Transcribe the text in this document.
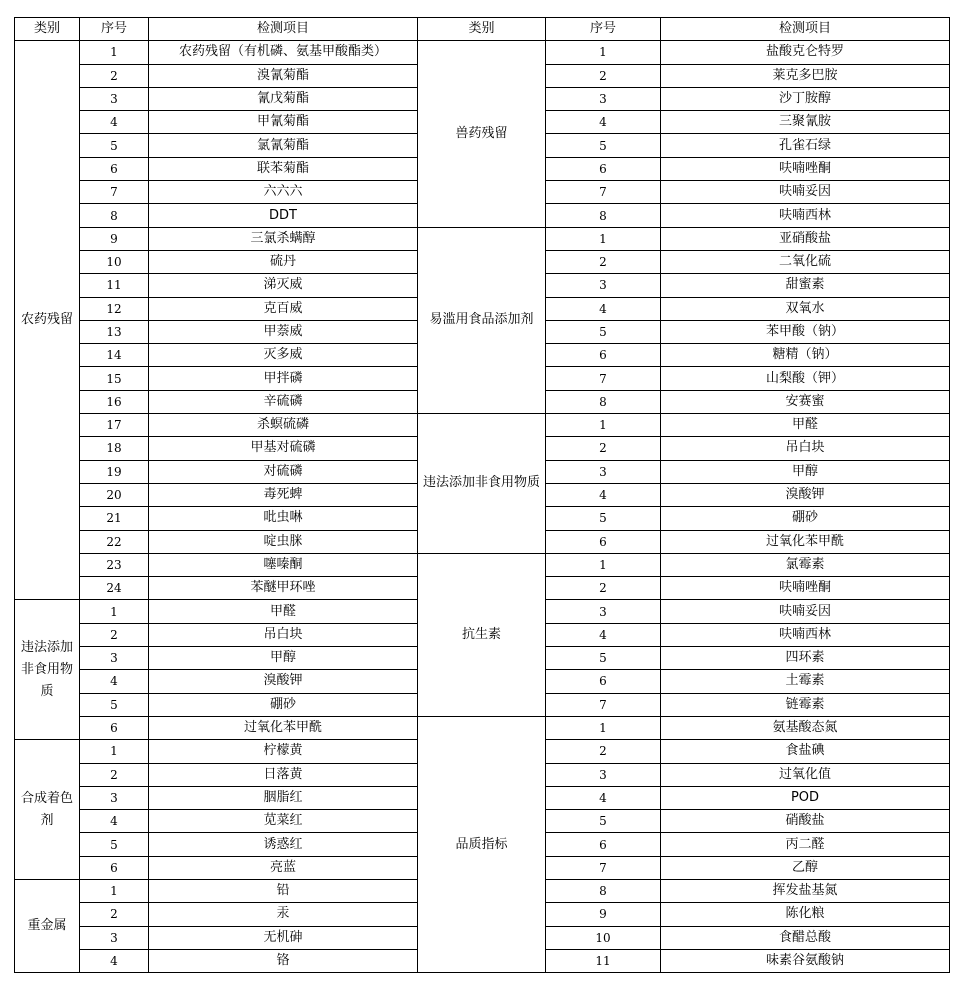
类别	序号	检测项目	类别	序号	检测项目
农药残留	1	农药残留（有机磷、氨基甲酸酯类）	兽药残留	1	盐酸克仑特罗
	2	溴氰菊酯		2	莱克多巴胺
	3	氰戊菊酯		3	沙丁胺醇
	4	甲氰菊酯		4	三聚氰胺
	5	氯氰菊酯		5	孔雀石绿
	6	联苯菊酯		6	呋喃唑酮
	7	六六六		7	呋喃妥因
	8	DDT		8	呋喃西林
	9	三氯杀螨醇	易滥用食品添加剂	1	亚硝酸盐
	10	硫丹		2	二氧化硫
	11	涕灭威		3	甜蜜素
	12	克百威		4	双氧水
	13	甲萘威		5	苯甲酸（钠）
	14	灭多威		6	糖精（钠）
	15	甲拌磷		7	山梨酸（钾）
	16	辛硫磷		8	安赛蜜
	17	杀螟硫磷	违法添加非食用物质	1	甲醛
	18	甲基对硫磷		2	吊白块
	19	对硫磷		3	甲醇
	20	毒死蜱		4	溴酸钾
	21	吡虫啉		5	硼砂
	22	啶虫脒		6	过氧化苯甲酰
	23	噻嗪酮	抗生素	1	氯霉素
	24	苯醚甲环唑		2	呋喃唑酮
违法添加非食用物质	1	甲醛		3	呋喃妥因
	2	吊白块		4	呋喃西林
	3	甲醇		5	四环素
	4	溴酸钾		6	土霉素
	5	硼砂		7	链霉素
	6	过氧化苯甲酰	品质指标	1	氨基酸态氮
合成着色剂	1	柠檬黄		2	食盐碘
	2	日落黄		3	过氧化值
	3	胭脂红		4	POD
	4	苋菜红		5	硝酸盐
	5	诱惑红		6	丙二醛
	6	亮蓝		7	乙醇
重金属	1	铅		8	挥发盐基氮
	2	汞		9	陈化粮
	3	无机砷		10	食醋总酸
	4	铬		11	味素谷氨酸钠
